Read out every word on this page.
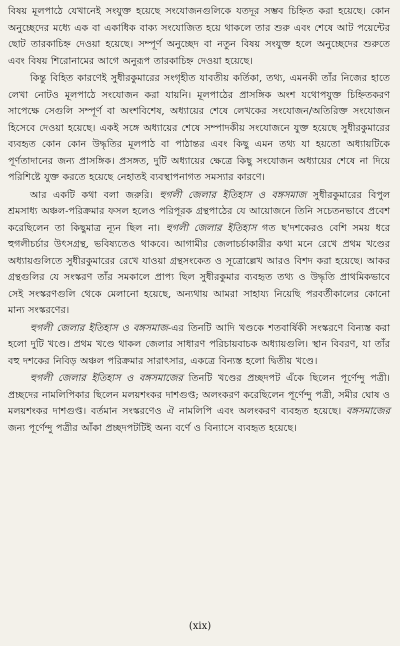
বিষয় মূলপাঠে যেখানেই সংযুক্ত হয়েছে সংযোজনগুলিকে যতদূর সম্ভব চিহ্নিত করা হয়েছে। কোন অনুচ্ছেদের মধ্যে এক বা একাধিক বাক্য সংযোজিত হয়ে থাকলে তার শুরু এবং শেষে আট পয়েন্টের ছোট তারকাচিহ্ন দেওয়া হয়েছে। সম্পূর্ণ অনুচ্ছেদ বা নতুন বিষয় সংযুক্ত হলে অনুচ্ছেদের শুরুতে এবং বিষয় শিরোনামের আগে অনুরূপ তারকাচিহ্ন দেওয়া হয়েছে।

কিন্তু বিহিত কারণেই সুধীরকুমারের সংগৃহীত যাবতীয় কর্তিকা, তথ্য, এমনকী তাঁর নিজের হাতে লেখা নোটও মূলপাঠে সংযোজন করা যায়নি। মূলপাঠের প্রাসঙ্গিক অংশ যথোপযুক্ত চিহ্নিতকরণ সাপেক্ষে সেগুলি সম্পূর্ণ বা অংশবিশেষ, অধ্যায়ের শেষে লেখকের সংযোজন/অতিরিক্ত সংযোজন হিসেবে দেওয়া হয়েছে। একই সঙ্গে অধ্যায়ের শেষে সম্পাদকীয় সংযোজনে যুক্ত হয়েছে সুধীরকুমারের ব্যবহৃত কোন কোন উদ্ধৃতির মূলপাঠ বা পাঠান্তর এবং কিছু এমন তথ্য যা হয়তো অধ্যায়টিকে পূর্ণতাদানের জন্য প্রাসঙ্গিক। প্রসঙ্গত, দুটি অধ্যায়ের ক্ষেত্রে কিছু সংযোজন অধ্যায়ের শেষে না দিয়ে পরিশিষ্টে যুক্ত করতে হয়েছে নেহাতই ব্যবস্থাপনাগত সমস্যার কারণে।

আর একটি কথা বলা জরুরি। হুগলী জেলার ইতিহাস ও বঙ্গসমাজ সুধীরকুমারের বিপুল শ্রমসাধ্য অঞ্চল-পরিক্রমার ফসল হলেও পরিপূরক গ্রন্থপাঠের যে আয়োজনে তিনি সচেতনভাবে প্রবেশ করেছিলেন তা কিছুমাত্র ন্যূন ছিল না। হুগলী জেলার ইতিহাস গত ছ'দশকেরও বেশি সময় ধরে হুগলীচর্চার উৎসগ্রন্থ, ভবিষ্যতেও থাকবে। আগামীর জেলাচর্চাকারীর কথা মনে রেখে প্রথম খণ্ডের অধ্যায়গুলিতে সুধীরকুমারের রেখে যাওয়া গ্রন্থসংকেত ও সূত্রোল্লেখ আরও বিশদ করা হয়েছে। আকর গ্রন্থগুলির যে সংস্করণ তাঁর সমকালে প্রাপ্য ছিল সুধীরকুমার ব্যবহৃত তথ্য ও উদ্ধৃতি প্রাথমিকভাবে সেই সংস্করণগুলি থেকে মেলানো হয়েছে, অন্যথায় আমরা সাহায্য নিয়েছি পরবর্তীকালের কোনো মান্য সংস্করণের।

হুগলী জেলার ইতিহাস ও বঙ্গসমাজ-এর তিনটি আদি খণ্ডকে শতবার্ষিকী সংস্করণে বিন্যস্ত করা হলো দুটি খণ্ডে। প্রথম খণ্ডে থাকল জেলার সাধারণ পরিচায়বাচক অধ্যায়গুলি। স্থান বিবরণ, যা তাঁর বহু দশকের নিবিড় অঞ্চল পরিক্রমার সারাৎসার, একত্রে বিন্যস্ত হলো দ্বিতীয় খণ্ডে।

হুগলী জেলার ইতিহাস ও বঙ্গসমাজের তিনটি খণ্ডের প্রচ্ছদপট এঁকে ছিলেন পূর্ণেন্দু পত্রী। প্রচ্ছদের নামলিপিকার ছিলেন মলয়শংকর দাশগুপ্ত; অলংকরণ করেছিলেন পূর্ণেন্দু পত্রী, সমীর ঘোষ ও মলয়শংকর দাশগুপ্ত। বর্তমান সংস্করণেও ঐ নামলিপি এবং অলংকরণ ব্যবহৃত হয়েছে। বঙ্গসমাজের জন্য পূর্ণেন্দু পত্রীর আঁকা প্রচ্ছদপটটিই অন্য বর্ণে ও বিন্যাসে ব্যবহৃত হয়েছে।

(xix)
